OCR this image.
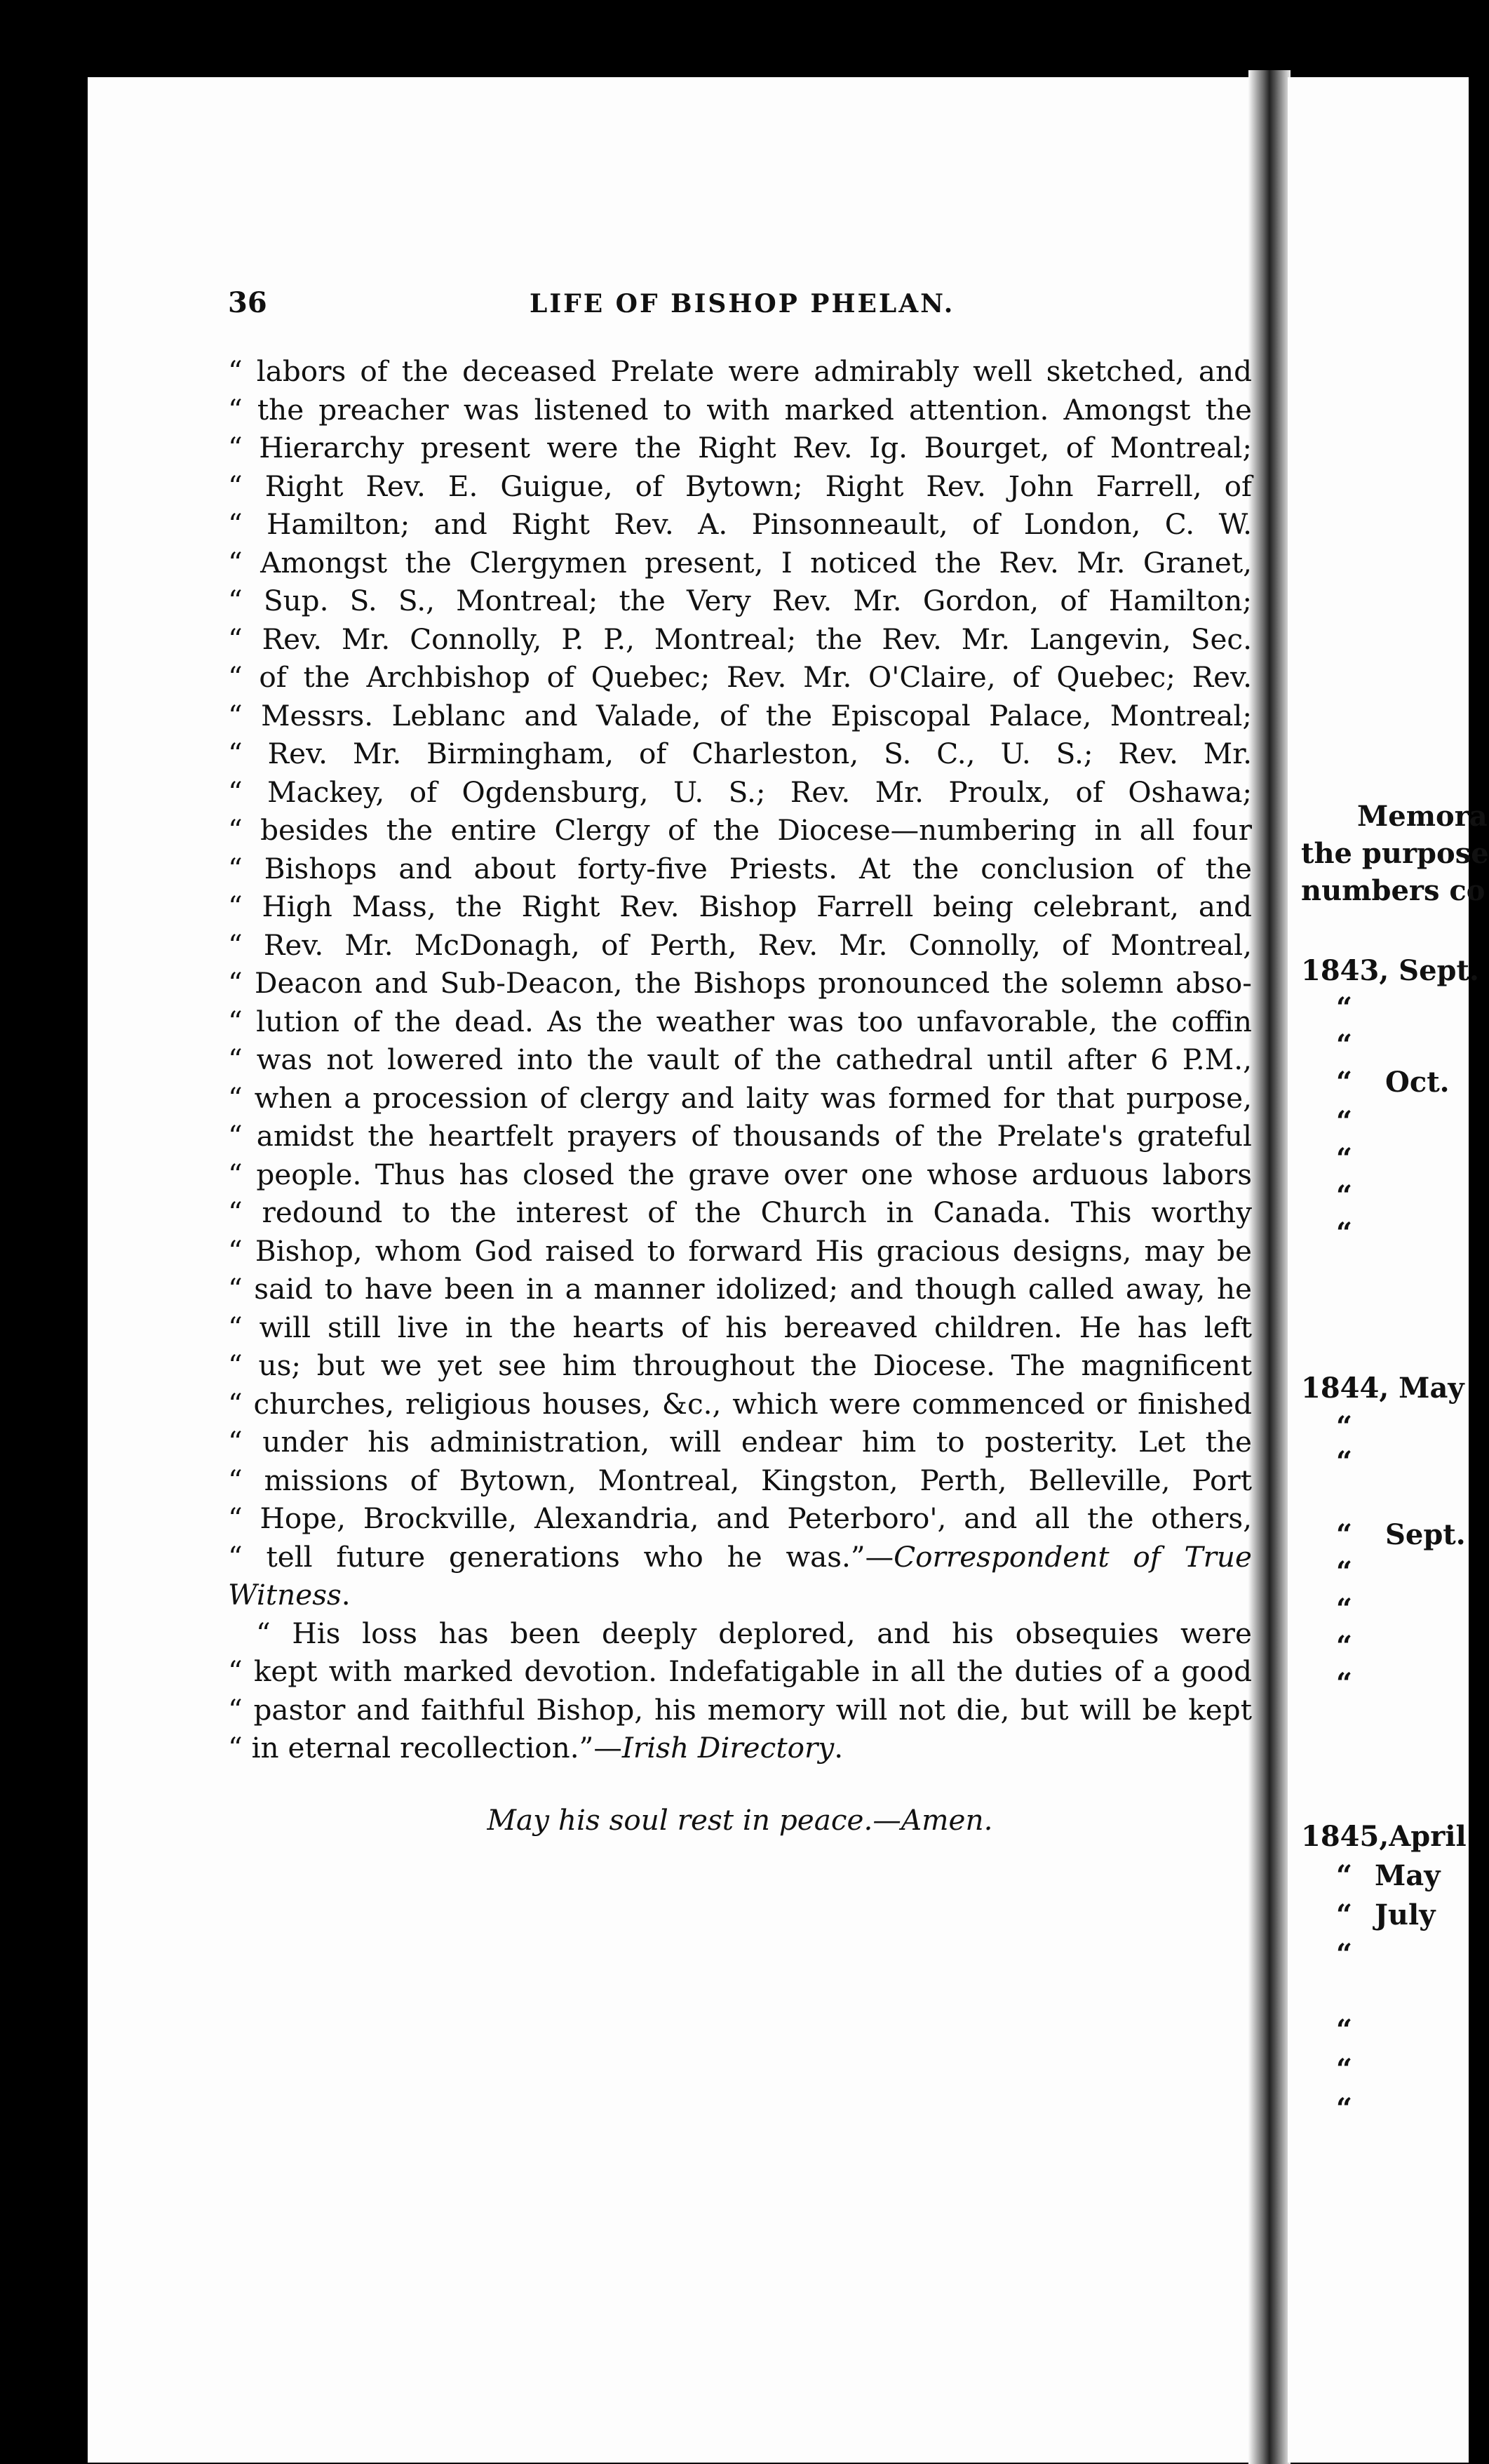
36	LIFE OF BISHOP PHELAN.
“ labors of the deceased Prelate were admirably well sketched, and
“ the preacher was listened to with marked attention. Amongst the
“ Hierarchy present were the Right Rev. Ig. Bourget, of Montreal;
“ Right Rev. E. Guigue, of Bytown; Right Rev. John Farrell, of
“ Hamilton; and Right Rev. A. Pinsonneault, of London, C. W.
“ Amongst the Clergymen present, I noticed the Rev. Mr. Granet,
“ Sup. S. S., Montreal; the Very Rev. Mr. Gordon, of Hamilton;
“ Rev. Mr. Connolly, P. P., Montreal; the Rev. Mr. Langevin, Sec.
“ of the Archbishop of Quebec; Rev. Mr. O'Claire, of Quebec; Rev.
“ Messrs. Leblanc and Valade, of the Episcopal Palace, Montreal;
“ Rev. Mr. Birmingham, of Charleston, S. C., U. S.; Rev. Mr.
“ Mackey, of Ogdensburg, U. S.; Rev. Mr. Proulx, of Oshawa;
“ besides the entire Clergy of the Diocese—numbering in all four
“ Bishops and about forty-five Priests. At the conclusion of the
“ High Mass, the Right Rev. Bishop Farrell being celebrant, and
“ Rev. Mr. McDonagh, of Perth, Rev. Mr. Connolly, of Montreal,
“ Deacon and Sub-Deacon, the Bishops pronounced the solemn abso-
“ lution of the dead. As the weather was too unfavorable, the coffin
“ was not lowered into the vault of the cathedral until after 6 P.M.,
“ when a procession of clergy and laity was formed for that purpose,
“ amidst the heartfelt prayers of thousands of the Prelate's grateful
“ people. Thus has closed the grave over one whose arduous labors
“ redound to the interest of the Church in Canada. This worthy
“ Bishop, whom God raised to forward His gracious designs, may be
“ said to have been in a manner idolized; and though called away, he
“ will still live in the hearts of his bereaved children. He has left
“ us; but we yet see him throughout the Diocese. The magnificent
“ churches, religious houses, &c., which were commenced or finished
“ under his administration, will endear him to posterity. Let the
“ missions of Bytown, Montreal, Kingston, Perth, Belleville, Port
“ Hope, Brockville, Alexandria, and Peterboro', and all the others,
“ tell future generations who he was.”—Correspondent of True
Witness.
“ His loss has been deeply deplored, and his obsequies were
“ kept with marked devotion. Indefatigable in all the duties of a good
“ pastor and faithful Bishop, his memory will not die, but will be kept
“ in eternal recollection.”—Irish Directory.
May his soul rest in peace.—Amen.
Memora
the purpose
numbers co
1843, Sept.
“
“
“ Oct.
“
“
“
“
1844, May
“
“
“ Sept.
“
“
“
“
1845,April
“ May
“ July
“
“
“
“
